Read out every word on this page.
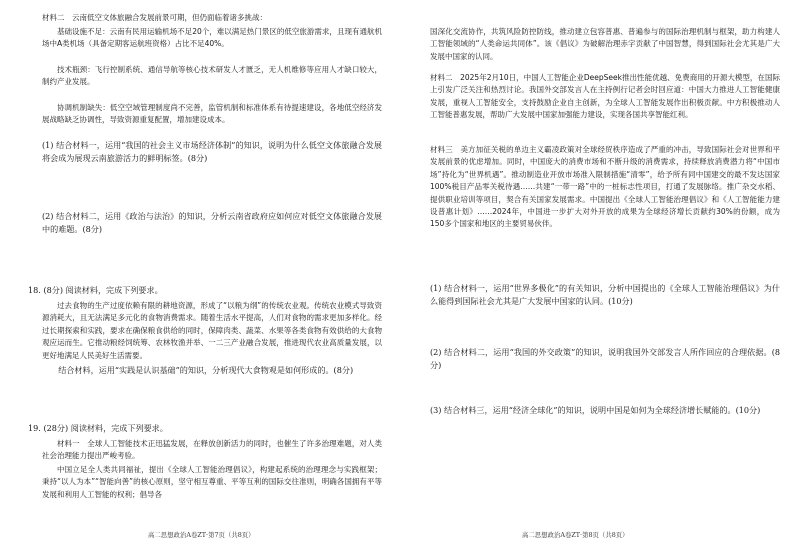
材料二　云南低空文体旅融合发展前景可期，但仍面临着诸多挑战：

基础设施不足：云南有民用运输机场不足20个，难以满足热门景区的低空旅游需求，且现有通航机场中A类机场（具备定期客运航班资格）占比不足40%。

技术瓶颈：飞行控制系统、通信导航等核心技术研发人才匮乏，无人机维修等应用人才缺口较大，制约产业发展。

协调机制缺失：低空空域管理制度尚不完善，监管机制和标准体系有待提速建设，各地低空经济发展战略缺乏协调性，导致资源重复配置，增加建设成本。

(1) 结合材料一，运用“我国的社会主义市场经济体制”的知识，说明为什么低空文体旅融合发展将会成为展现云南旅游活力的鲜明标签。(8分)

(2) 结合材料二，运用《政治与法治》的知识，分析云南省政府应如何应对低空文体旅融合发展中的难题。(8分)

18. (8分) 阅读材料，完成下列要求。

过去食物的生产过度依赖有限的耕地资源，形成了“以粮为纲”的传统农业观。传统农业模式导致资源消耗大，且无法满足多元化的食物消费需求。随着生活水平提高，人们对食物的需求更加多样化。经过长期探索和实践，要求在确保粮食供给的同时，保障肉类、蔬菜、水果等各类食物有效供给的大食物观应运而生。它推动粮经饲统筹、农林牧渔并举、一二三产业融合发展，推进现代农业高质量发展，以更好地满足人民美好生活需要。

结合材料，运用“实践是认识基础”的知识，分析现代大食物观是如何形成的。(8分)

19. (28分) 阅读材料，完成下列要求。

材料一　全球人工智能技术正迅猛发展，在释放创新活力的同时，也催生了许多治理难题，对人类社会治理能力提出严峻考验。

中国立足全人类共同福祉，提出《全球人工智能治理倡议》，构建起系统的治理理念与实践框架；秉持“以人为本”“智能向善”的核心原则，坚守相互尊重、平等互利的国际交往准则，明确各国拥有平等发展和利用人工智能的权利；倡导各

高二思想政治A卷ZT·第7页（共8页）

国深化交流协作，共筑风险防控防线，推动建立包容普惠、普遍参与的国际治理机制与框架，助力构建人工智能领域的“人类命运共同体”。该《倡议》为破解治理赤字贡献了中国智慧，得到国际社会尤其是广大发展中国家的认同。

材料二　2025年2月10日，中国人工智能企业DeepSeek推出性能优越、免费商用的开源大模型，在国际上引发广泛关注和热烈讨论。我国外交部发言人在主持例行记者会时回应道：中国大力推进人工智能健康发展，重视人工智能安全，支持鼓励企业自主创新，为全球人工智能发展作出积极贡献。中方积极推动人工智能普惠发展，帮助广大发展中国家加强能力建设，实现各国共享智能红利。

材料三　美方加征关税的单边主义霸凌政策对全球经贸秩序造成了严重的冲击，导致国际社会对世界和平发展前景的优虑增加。同时，中国庞大的消费市场和不断升级的消费需求，持续释放消费潜力将“中国市场”持化为“世界机遇”。推动制造业开放市场准入限制措施“清零”，给予所有同中国建交的最不发达国家100%税目产品零关税待遇……共建“一带一路”中的一桩标志性项目，打通了发展脉络。推广杂交水稻、提供职业培训等项目，契合有关国家发展需求。中国提出《全球人工智能治理倡议》和《人工智能能力建设普惠计划》……2024年，中国进一步扩大对外开放的成果为全球经济增长贡献约30%的份额，成为150多个国家和地区的主要贸易伙伴。

(1) 结合材料一，运用“世界多极化”的有关知识，分析中国提出的《全球人工智能治理倡议》为什么能得到国际社会尤其是广大发展中国家的认同。(10分)

(2) 结合材料二，运用“我国的外交政策”的知识，说明我国外交部发言人所作回应的合理依据。(8分)

(3) 结合材料三，运用“经济全球化”的知识，说明中国是如何为全球经济增长赋能的。(10分)

高二思想政治A卷ZT·第8页（共8页）
